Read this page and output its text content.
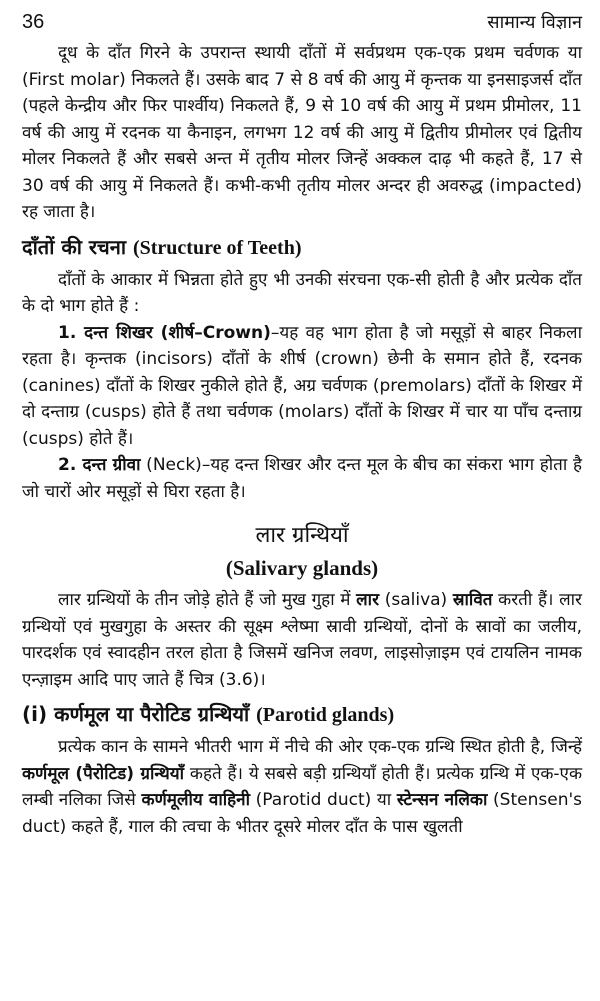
36	सामान्य विज्ञान

दूध के दाँत गिरने के उपरान्त स्थायी दाँतों में सर्वप्रथम एक-एक प्रथम चर्वणक या (First molar) निकलते हैं। उसके बाद 7 से 8 वर्ष की आयु में कृन्तक या इनसाइजर्स दाँत (पहले केन्द्रीय और फिर पार्श्वीय) निकलते हैं, 9 से 10 वर्ष की आयु में प्रथम प्रीमोलर, 11 वर्ष की आयु में रदनक या कैनाइन, लगभग 12 वर्ष की आयु में द्वितीय प्रीमोलर एवं द्वितीय मोलर निकलते हैं और सबसे अन्त में तृतीय मोलर जिन्हें अक्कल दाढ़ भी कहते हैं, 17 से 30 वर्ष की आयु में निकलते हैं। कभी-कभी तृतीय मोलर अन्दर ही अवरुद्ध (impacted) रह जाता है।

दाँतों की रचना (Structure of Teeth)

दाँतों के आकार में भिन्नता होते हुए भी उनकी संरचना एक-सी होती है और प्रत्येक दाँत के दो भाग होते हैं :

1. दन्त शिखर (शीर्ष–Crown)–यह वह भाग होता है जो मसूड़ों से बाहर निकला रहता है। कृन्तक (incisors) दाँतों के शीर्ष (crown) छेनी के समान होते हैं, रदनक (canines) दाँतों के शिखर नुकीले होते हैं, अग्र चर्वणक (premolars) दाँतों के शिखर में दो दन्ताग्र (cusps) होते हैं तथा चर्वणक (molars) दाँतों के शिखर में चार या पाँच दन्ताग्र (cusps) होते हैं।

2. दन्त ग्रीवा (Neck)–यह दन्त शिखर और दन्त मूल के बीच का संकरा भाग होता है जो चारों ओर मसूड़ों से घिरा रहता है।

लार ग्रन्थियाँ

(Salivary glands)

लार ग्रन्थियों के तीन जोड़े होते हैं जो मुख गुहा में लार (saliva) स्रावित करती हैं। लार ग्रन्थियों एवं मुखगुहा के अस्तर की सूक्ष्म श्लेष्मा स्रावी ग्रन्थियों, दोनों के स्रावों का जलीय, पारदर्शक एवं स्वादहीन तरल होता है जिसमें खनिज लवण, लाइसोज़ाइम एवं टायलिन नामक एन्ज़ाइम आदि पाए जाते हैं चित्र (3.6)।

(i) कर्णमूल या पैरोटिड ग्रन्थियाँ (Parotid glands)

प्रत्येक कान के सामने भीतरी भाग में नीचे की ओर एक-एक ग्रन्थि स्थित होती है, जिन्हें कर्णमूल (पैरोटिड) ग्रन्थियाँ कहते हैं। ये सबसे बड़ी ग्रन्थियाँ होती हैं। प्रत्येक ग्रन्थि में एक-एक लम्बी नलिका जिसे कर्णमूलीय वाहिनी (Parotid duct) या स्टेन्सन नलिका (Stensen's duct) कहते हैं, गाल की त्वचा के भीतर दूसरे मोलर दाँत के पास खुलती
